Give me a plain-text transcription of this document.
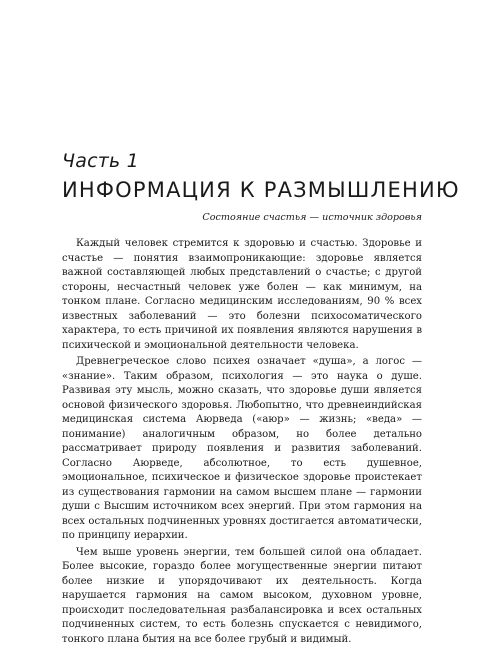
Часть 1
ИНФОРМАЦИЯ К РАЗМЫШЛЕНИЮ
Состояние счастья — источник здоровья

Каждый человек стремится к здоровью и счастью. Здоровье и счастье — понятия взаимопроникающие: здоровье является важной составляющей любых представлений о счастье; с другой стороны, несчастный человек уже болен — как минимум, на тонком плане. Согласно медицинским исследованиям, 90 % всех известных заболеваний — это болезни психосоматического характера, то есть причиной их появления являются нарушения в психической и эмоциональной деятельности человека.

Древнегреческое слово психея означает «душа», а логос — «знание». Таким образом, психология — это наука о душе. Развивая эту мысль, можно сказать, что здоровье души является основой физического здоровья. Любопытно, что древнеиндийская медицинская система Аюрведа («аюр» — жизнь; «веда» — понимание) аналогичным образом, но более детально рассматривает природу появления и развития заболеваний. Согласно Аюрведе, абсолютное, то есть душевное, эмоциональное, психическое и физическое здоровье проистекает из существования гармонии на самом высшем плане — гармонии души с Высшим источником всех энергий. При этом гармония на всех остальных подчиненных уровнях достигается автоматически, по принципу иерархии.

Чем выше уровень энергии, тем большей силой она обладает. Более высокие, гораздо более могущественные энергии питают более низкие и упорядочивают их деятельность. Когда нарушается гармония на самом высоком, духовном уровне, происходит последовательная разбалансировка и всех остальных подчиненных систем, то есть болезнь спускается с невидимого, тонкого плана бытия на все более грубый и видимый.
